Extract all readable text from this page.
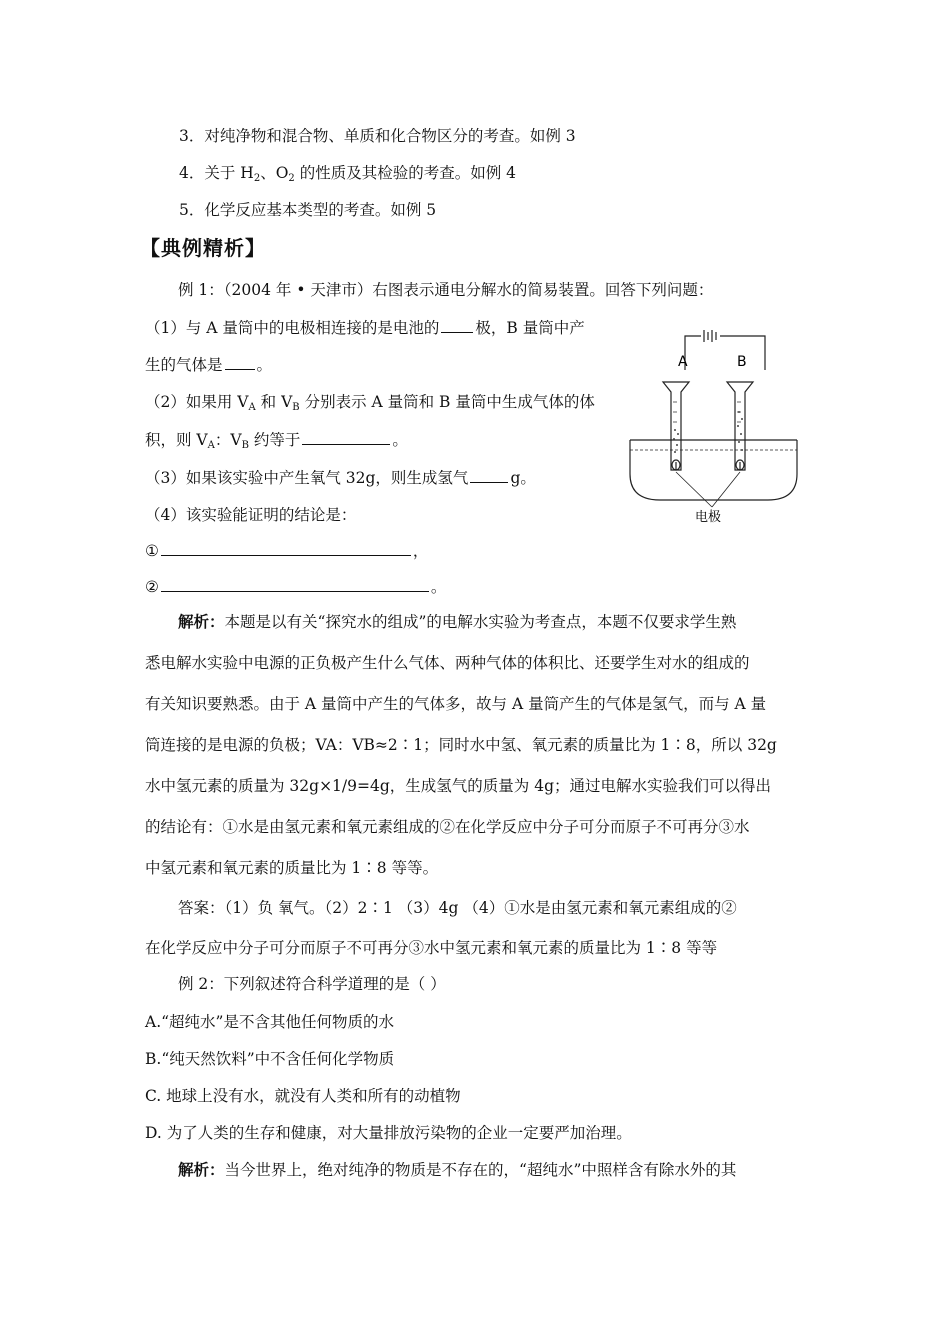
3．对纯净物和混合物、单质和化合物区分的考查。如例 3
4．关于 $H_2$、$O_2$ 的性质及其检验的考查。如例 4
5．化学反应基本类型的考查。如例 5
【典例精析】
例 1：（2004 年 • 天津市）右图表示通电分解水的简易装置。回答下列问题：
（1）与 A 量筒中的电极相连接的是电池的 极，B 量筒中产
生的气体是 。
（2）如果用 $V_A$ 和 $V_B$ 分别表示 A 量筒和 B 量筒中生成气体的体
积，则 $V_A$：$V_B$ 约等于	。
（3）如果该实验中产生氧气 32g，则生成氢气	g。
（4）该实验能证明的结论是：
①	，
②	。
A	B
电极
解析：本题是以有关“探究水的组成”的电解水实验为考查点，本题不仅要求学生熟
悉电解水实验中电源的正负极产生什么气体、两种气体的体积比、还要学生对水的组成的
有关知识要熟悉。由于 A 量筒中产生的气体多，故与 A 量筒产生的气体是氢气，而与 A 量
筒连接的是电源的负极；VA：VB≈2∶1；同时水中氢、氧元素的质量比为 1∶8，所以 32g
水中氢元素的质量为 32g×1/9=4g，生成氢气的质量为 4g；通过电解水实验我们可以得出
的结论有：①水是由氢元素和氧元素组成的②在化学反应中分子可分而原子不可再分③水
中氢元素和氧元素的质量比为 1∶8 等等。
答案：（1）负 氧气。（2）2∶1 （3）4g （4）①水是由氢元素和氧元素组成的②
在化学反应中分子可分而原子不可再分③水中氢元素和氧元素的质量比为 1∶8 等等
例 2：下列叙述符合科学道理的是（ ）
A.“超纯水”是不含其他任何物质的水
B.“纯天然饮料”中不含任何化学物质
C. 地球上没有水，就没有人类和所有的动植物
D. 为了人类的生存和健康，对大量排放污染物的企业一定要严加治理。
解析：当今世界上，绝对纯净的物质是不存在的，“超纯水”中照样含有除水外的其
